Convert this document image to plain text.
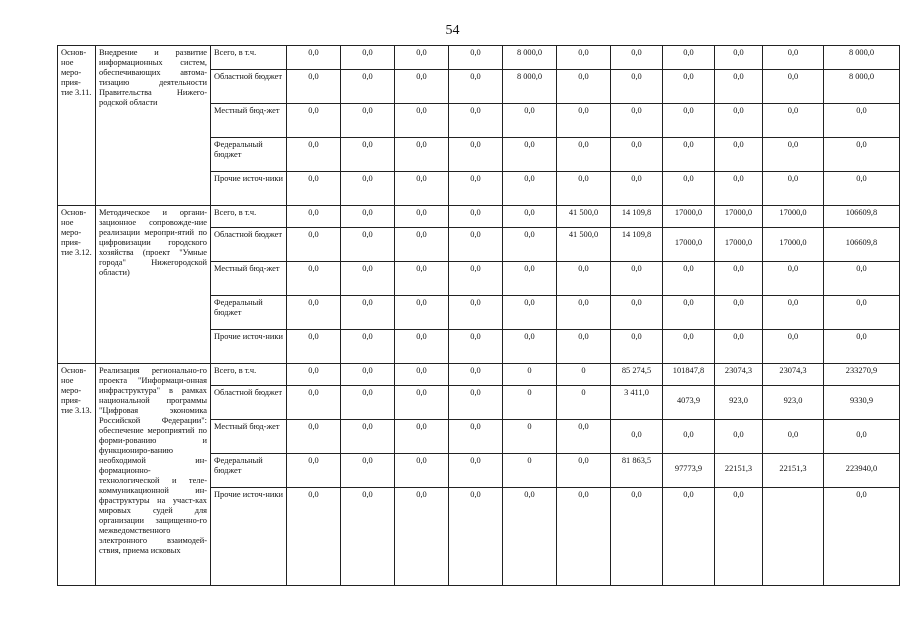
54
Основ-ное меро-прия-тие 3.11.	Внедрение и развитие информационных систем, обеспечивающих автома-тизацию деятельности Правительства Нижего-родской области	Всего, в т.ч.	0,0	0,0	0,0	0,0	8 000,0	0,0	0,0	0,0	0,0	0,0	8 000,0
		Областной бюджет	0,0	0,0	0,0	0,0	8 000,0	0,0	0,0	0,0	0,0	0,0	8 000,0
		Местный бюд-жет	0,0	0,0	0,0	0,0	0,0	0,0	0,0	0,0	0,0	0,0	0,0
		Федеральный бюджет	0,0	0,0	0,0	0,0	0,0	0,0	0,0	0,0	0,0	0,0	0,0
		Прочие источ-ники	0,0	0,0	0,0	0,0	0,0	0,0	0,0	0,0	0,0	0,0	0,0
Основ-ное меро-прия-тие 3.12.	Методическое и органи-зационное сопровожде-ние реализации меропри-ятий по цифровизации городского хозяйства (проект "Умные города" Нижегородской области)	Всего, в т.ч.	0,0	0,0	0,0	0,0	0,0	41 500,0	14 109,8	17000,0	17000,0	17000,0	106609,8
		Областной бюджет	0,0	0,0	0,0	0,0	0,0	41 500,0	14 109,8	17000,0	17000,0	17000,0	106609,8
		Местный бюд-жет	0,0	0,0	0,0	0,0	0,0	0,0	0,0	0,0	0,0	0,0	0,0
		Федеральный бюджет	0,0	0,0	0,0	0,0	0,0	0,0	0,0	0,0	0,0	0,0	0,0
		Прочие источ-ники	0,0	0,0	0,0	0,0	0,0	0,0	0,0	0,0	0,0	0,0	0,0
Основ-ное меро-прия-тие 3.13.	Реализация регионально-го проекта "Информаци-онная инфраструктура" в рамках национальной программы "Цифровая экономика Российской Федерации": обеспечение мероприятий по форми-рованию и функциониро-ванию необходимой ин-формационно-технологической и теле-коммуникационной ин-фраструктуры на участ-ках мировых судей для организации защищенно-го межведомственного электронного взаимодей-ствия, приема исковых	Всего, в т.ч.	0,0	0,0	0,0	0,0	0	0	85 274,5	101847,8	23074,3	23074,3	233270,9
		Областной бюджет	0,0	0,0	0,0	0,0	0	0	3 411,0	4073,9	923,0	923,0	9330,9
		Местный бюд-жет	0,0	0,0	0,0	0,0	0	0,0	0,0	0,0	0,0	0,0	0,0
		Федеральный бюджет	0,0	0,0	0,0	0,0	0	0,0	81 863,5	97773,9	22151,3	22151,3	223940,0
		Прочие источ-ники	0,0	0,0	0,0	0,0	0,0	0,0	0,0	0,0	0,0		0,0
